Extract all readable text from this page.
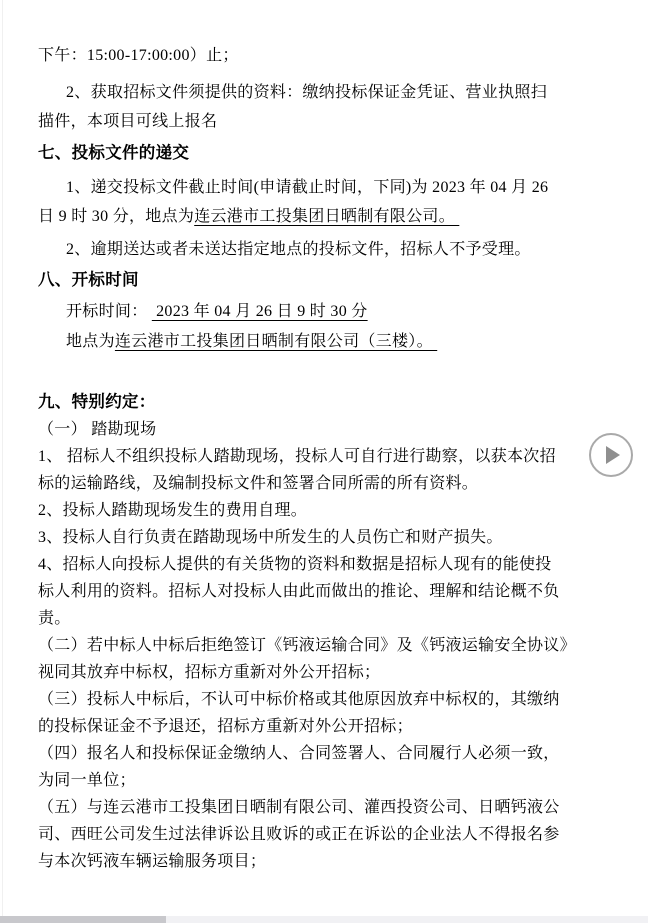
下午：15:00-17:00:00）止；
2、获取招标文件须提供的资料：缴纳投标保证金凭证、营业执照扫
描件，本项目可线上报名
七、投标文件的递交
1、递交投标文件截止时间(申请截止时间，下同)为 2023 年 04 月 26
日 9 时 30 分，地点为连云港市工投集团日晒制有限公司。
2、逾期送达或者未送达指定地点的投标文件，招标人不予受理。
八、开标时间
开标时间：  2023 年 04 月 26 日 9 时 30 分
地点为连云港市工投集团日晒制有限公司（三楼）。
九、特别约定：
（一） 踏勘现场
1、 招标人不组织投标人踏勘现场，投标人可自行进行勘察，以获本次招
标的运输路线，及编制投标文件和签署合同所需的所有资料。
2、投标人踏勘现场发生的费用自理。
3、投标人自行负责在踏勘现场中所发生的人员伤亡和财产损失。
4、招标人向投标人提供的有关货物的资料和数据是招标人现有的能使投
标人利用的资料。招标人对投标人由此而做出的推论、理解和结论概不负
责。
（二）若中标人中标后拒绝签订《钙液运输合同》及《钙液运输安全协议》
视同其放弃中标权，招标方重新对外公开招标；
（三）投标人中标后，不认可中标价格或其他原因放弃中标权的，其缴纳
的投标保证金不予退还，招标方重新对外公开招标；
（四）报名人和投标保证金缴纳人、合同签署人、合同履行人必须一致，
为同一单位；
（五）与连云港市工投集团日晒制有限公司、灌西投资公司、日晒钙液公
司、西旺公司发生过法律诉讼且败诉的或正在诉讼的企业法人不得报名参
与本次钙液车辆运输服务项目；
